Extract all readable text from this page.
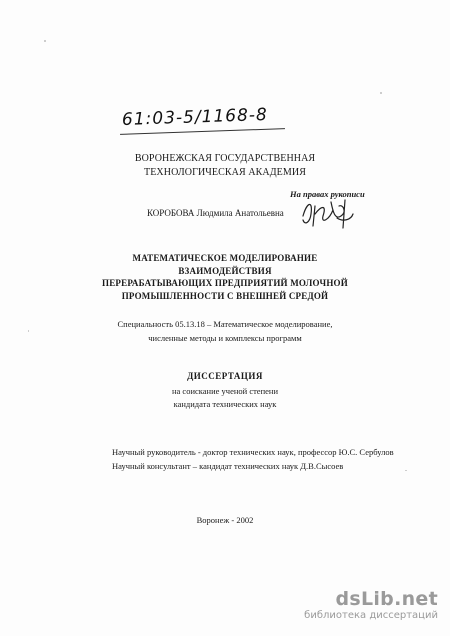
61:03-5/1168-8
ВОРОНЕЖСКАЯ ГОСУДАРСТВЕННАЯ ТЕХНОЛОГИЧЕСКАЯ АКАДЕМИЯ
На правах рукописи
КОРОБОВА Людмила Анатольевна
МАТЕМАТИЧЕСКОЕ МОДЕЛИРОВАНИЕ ВЗАИМОДЕЙСТВИЯ
ПЕРЕРАБАТЫВАЮЩИХ ПРЕДПРИЯТИЙ МОЛОЧНОЙ
ПРОМЫШЛЕННОСТИ С ВНЕШНЕЙ СРЕДОЙ
Специальность 05.13.18 – Математическое моделирование,
численные методы и комплексы программ
ДИССЕРТАЦИЯ
на соискание ученой степени
кандидата технических наук
Научный руководитель - доктор технических наук, профессор Ю.С. Сербулов
Научный консультант – кандидат технических наук Д.В.Сысоев
Воронеж - 2002
dsLib.net
библиотека диссертаций
